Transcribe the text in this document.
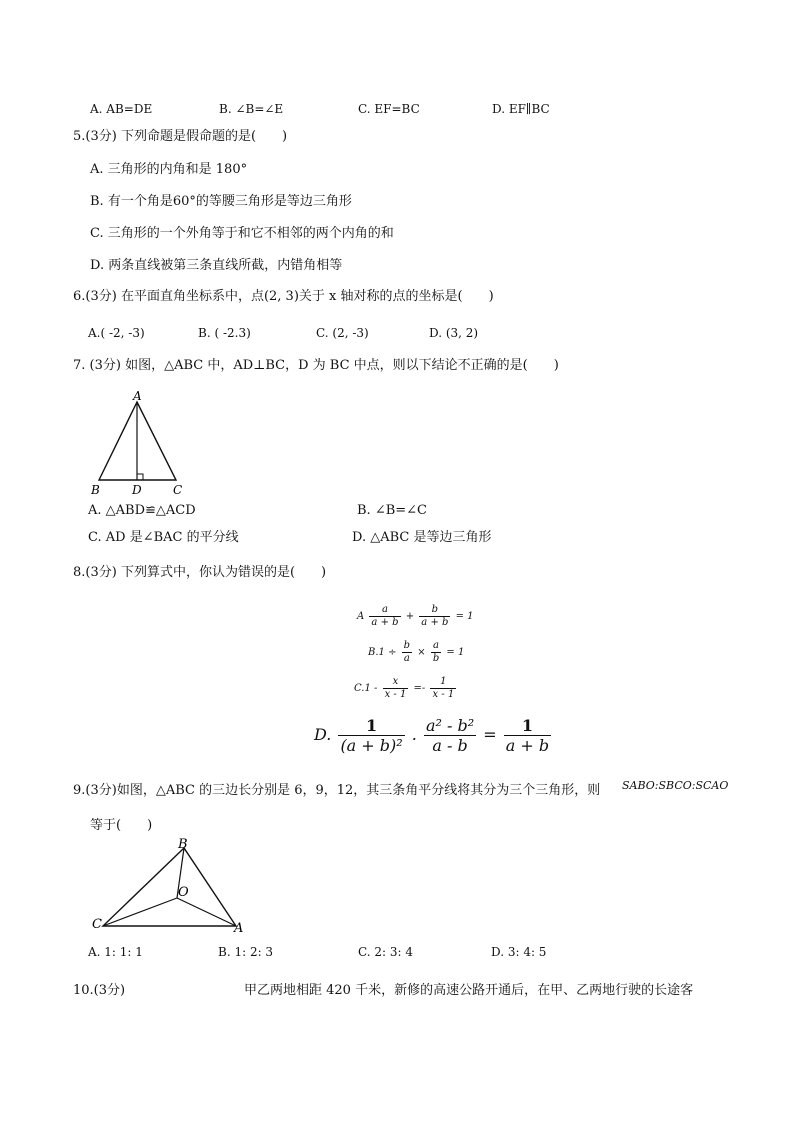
A. AB=DE	B. ∠B=∠E	C. EF=BC	D. EF∥BC
5.(3分) 下列命题是假命题的是(　　)
A. 三角形的内角和是 180°
B. 有一个角是60°的等腰三角形是等边三角形
C. 三角形的一个外角等于和它不相邻的两个内角的和
D. 两条直线被第三条直线所截，内错角相等
6.(3分) 在平面直角坐标系中，点(2, 3)关于 x 轴对称的点的坐标是(　　)
A.( -2, -3)	B. ( -2.3)	C. (2, -3)	D. (3, 2)
7. (3分) 如图，△ABC 中，AD⊥BC，D 为 BC 中点，则以下结论不正确的是(　　)
A
B	D	C
A. △ABD≌△ACD	B. ∠B=∠C
C. AD 是∠BAC 的平分线	D. △ABC 是等边三角形
8.(3分) 下列算式中，你认为错误的是(　　)
A $\frac{a}{a + b} + \frac{b}{a + b} = 1$
$B.1 \div \frac{b}{a} \times \frac{a}{b} = 1$
$C.1 - \frac{x}{x - 1} =- \frac{1}{x - 1}$
D. $\frac{1}{\text{(a + b)²}}$ . $\frac{\text{a² - b²}}{a - b} = \frac{1}{a + b}$
9.(3分)如图，△ABC 的三边长分别是 6，9，12，其三条角平分线将其分为三个三角形，则 SABO:SBCO:SCAO
等于(　　)
B
O
C	A
A. 1: 1: 1	B. 1: 2: 3	C. 2: 3: 4	D. 3: 4: 5
10.(3分)	甲乙两地相距 420 千米，新修的高速公路开通后，在甲、乙两地行驶的长途客
